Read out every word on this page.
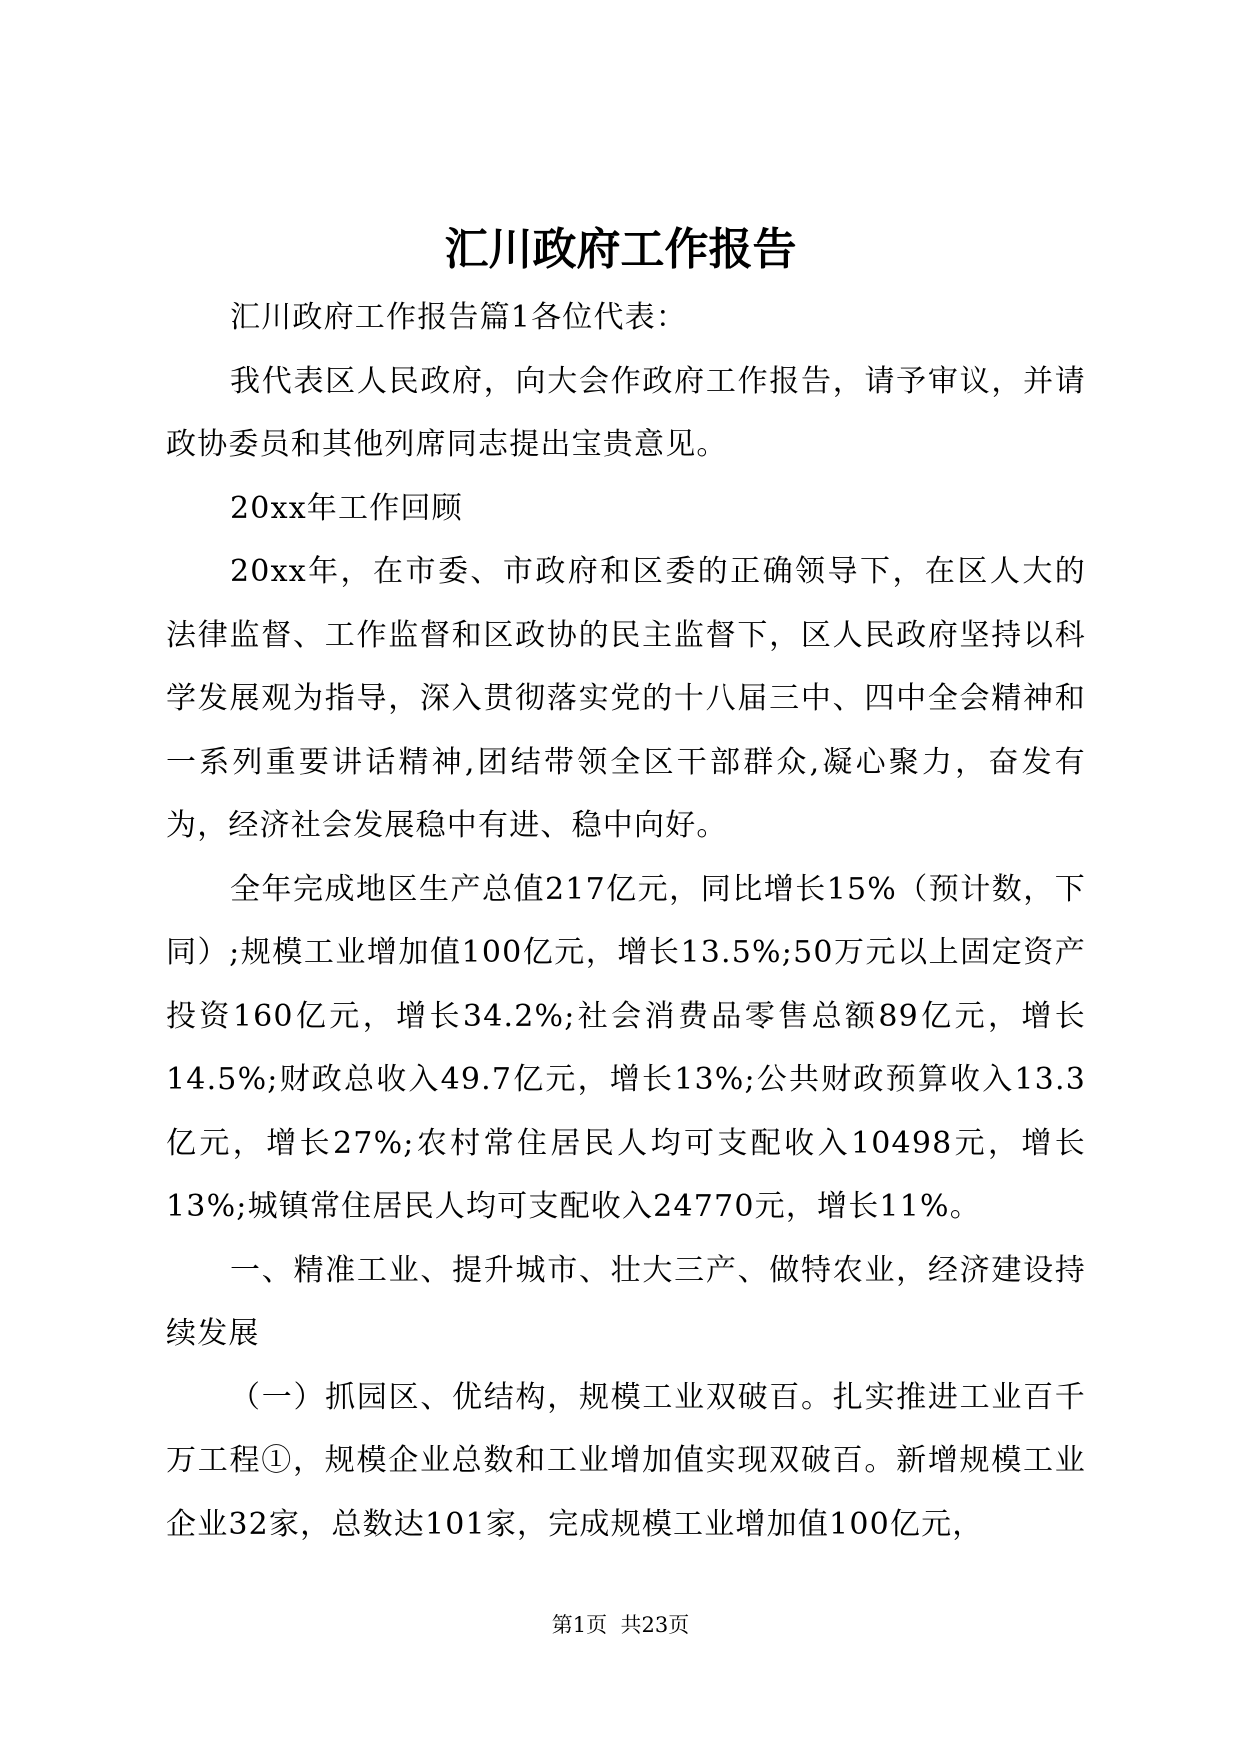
汇川政府工作报告

汇川政府工作报告篇1各位代表：

我代表区人民政府，向大会作政府工作报告，请予审议，并请政协委员和其他列席同志提出宝贵意见。

20xx年工作回顾

20xx年，在市委、市政府和区委的正确领导下，在区人大的法律监督、工作监督和区政协的民主监督下，区人民政府坚持以科学发展观为指导，深入贯彻落实党的十八届三中、四中全会精神和一系列重要讲话精神,团结带领全区干部群众,凝心聚力，奋发有为，经济社会发展稳中有进、稳中向好。

全年完成地区生产总值217亿元，同比增长15%（预计数，下同）;规模工业增加值100亿元，增长13.5%;50万元以上固定资产投资160亿元，增长34.2%;社会消费品零售总额89亿元，增长14.5%;财政总收入49.7亿元，增长13%;公共财政预算收入13.3亿元，增长27%;农村常住居民人均可支配收入10498元，增长13%;城镇常住居民人均可支配收入24770元，增长11%。

一、精准工业、提升城市、壮大三产、做特农业，经济建设持续发展

（一）抓园区、优结构，规模工业双破百。扎实推进工业百千万工程①，规模企业总数和工业增加值实现双破百。新增规模工业企业32家，总数达101家，完成规模工业增加值100亿元，

第1页 共23页
